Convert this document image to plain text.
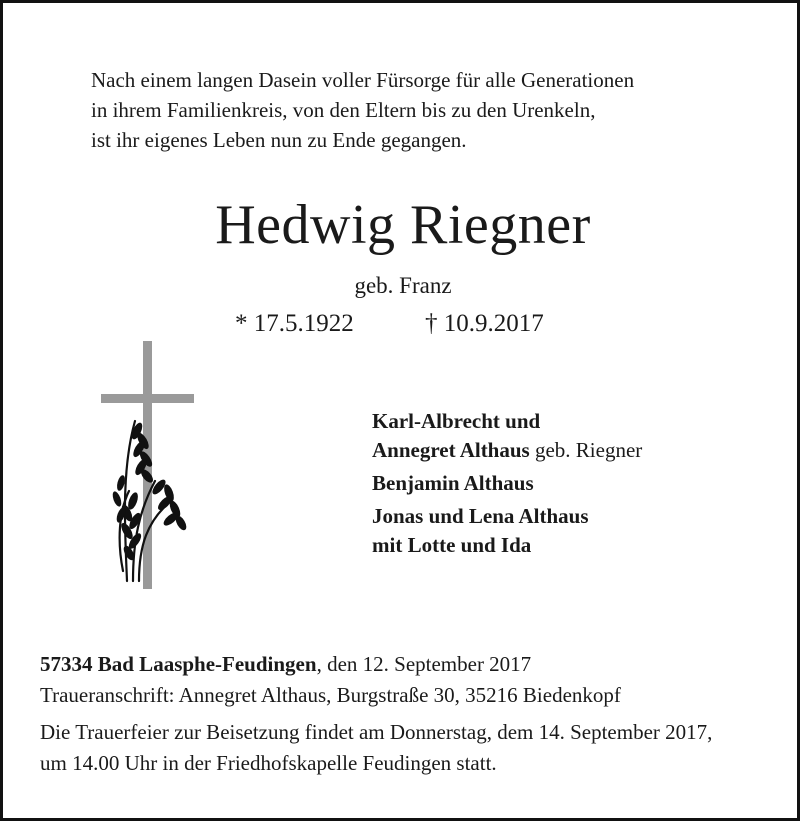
Nach einem langen Dasein voller Fürsorge für alle Generationen
in ihrem Familienkreis, von den Eltern bis zu den Urenkeln,
ist ihr eigenes Leben nun zu Ende gegangen.
Hedwig Riegner
geb. Franz
* 17.5.1922	† 10.9.2017
Karl-Albrecht und
Annegret Althaus geb. Riegner
Benjamin Althaus
Jonas und Lena Althaus
mit Lotte und Ida
57334 Bad Laasphe-Feudingen, den 12. September 2017
Traueranschrift: Annegret Althaus, Burgstraße 30, 35216 Biedenkopf
Die Trauerfeier zur Beisetzung findet am Donnerstag, dem 14. September 2017,
um 14.00 Uhr in der Friedhofskapelle Feudingen statt.
